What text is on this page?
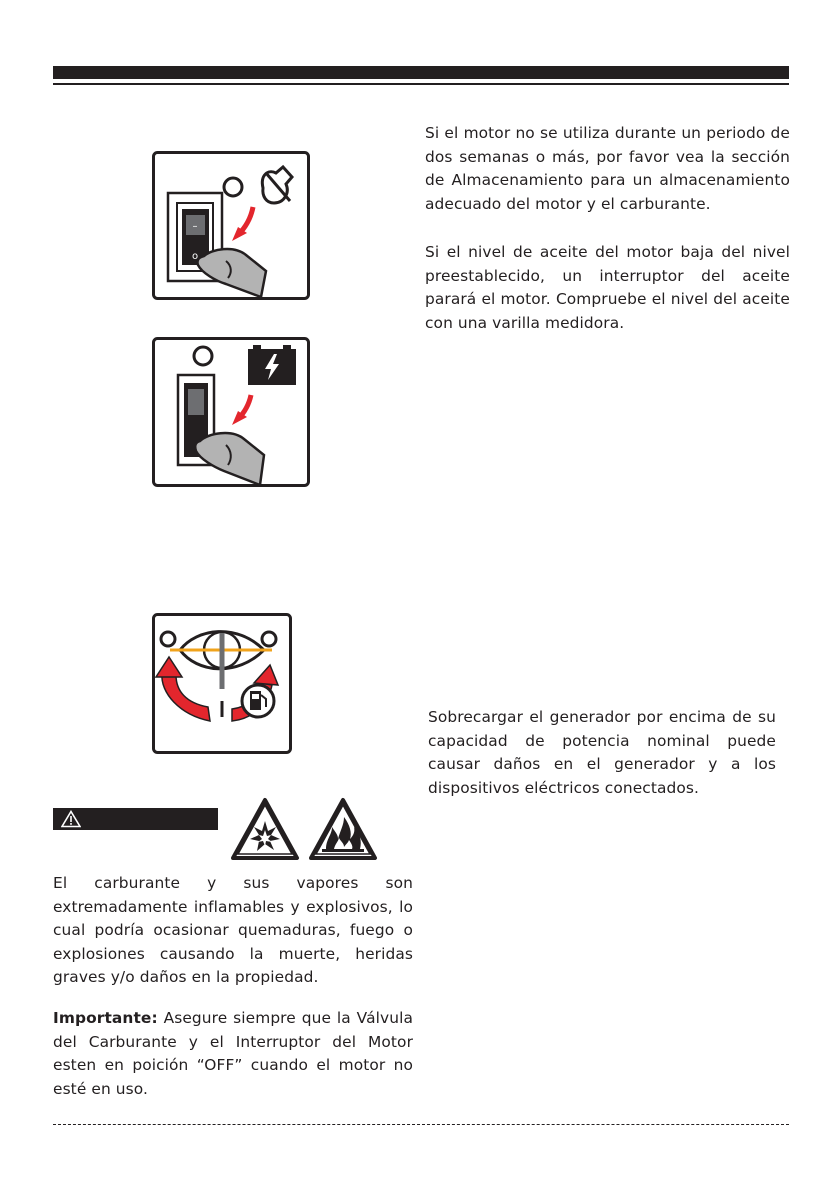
–
o

Si el motor no se utiliza durante un periodo de dos semanas o más, por favor vea la sección de Almacenamiento para un almacenamiento adecuado del motor y el carburante.

Si el nivel de aceite del motor baja del nivel preestablecido, un interruptor del aceite parará el motor. Compruebe el nivel del aceite con una varilla medidora.

Sobrecargar el generador por encima de su capacidad de potencia nominal puede causar daños en el generador y a los dispositivos eléctricos conectados.

El carburante y sus vapores son extremadamente inflamables y explosivos, lo cual podría ocasionar quemaduras, fuego o explosiones causando la muerte, heridas graves y/o daños en la propiedad.

Importante: Asegure siempre que la Válvula del Carburante y el Interruptor del Motor esten en poición “OFF” cuando el motor no esté en uso.
